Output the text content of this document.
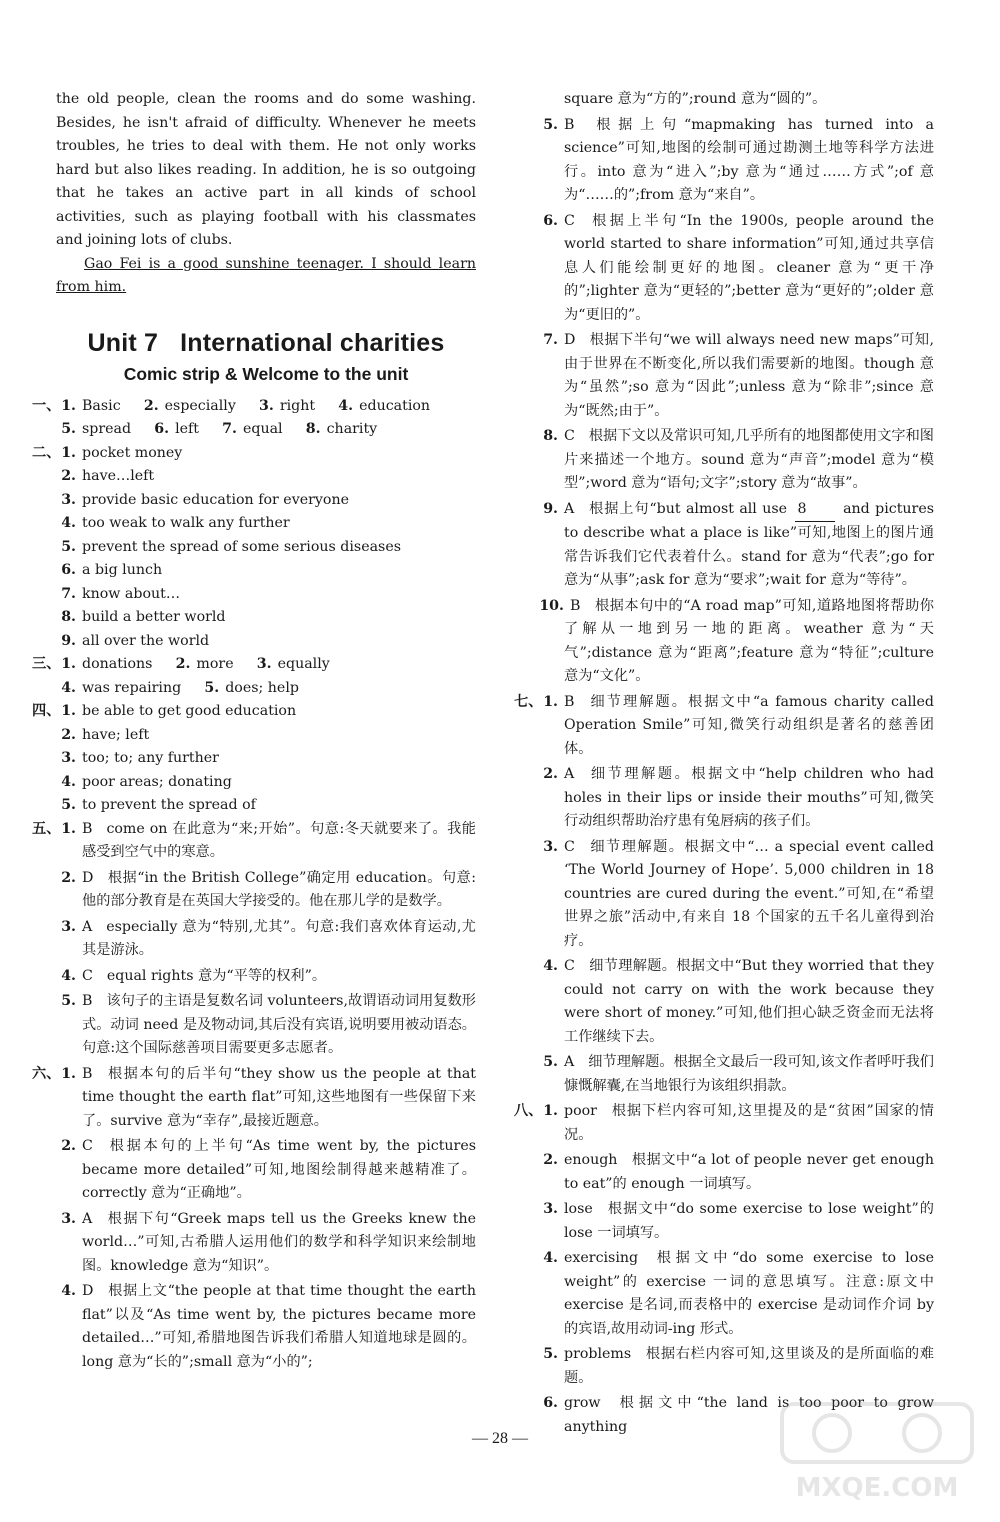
the old people, clean the rooms and do some washing. Besides, he isn't afraid of difficulty. Whenever he meets troubles, he tries to deal with them. He not only works hard but also likes reading. In addition, he is so outgoing that he takes an active part in all kinds of school activities, such as playing football with his classmates and joining lots of clubs.

Gao Fei is a good sunshine teenager. I should learn from him.

Unit 7 International charities
Comic strip & Welcome to the unit
一、 1. Basic 2. especially 3. right 4. education
5. spread 6. left 7. equal 8. charity
二、 1. pocket money
2. have…left
3. provide basic education for everyone
4. too weak to walk any further
5. prevent the spread of some serious diseases
6. a big lunch
7. know about…
8. build a better world
9. all over the world
三、 1. donations 2. more 3. equally
4. was repairing 5. does; help
四、 1. be able to get good education
2. have; left
3. too; to; any further
4. poor areas; donating
5. to prevent the spread of
五、 1. B come on 在此意为“来;开始”。句意:冬天就要来了。我能感受到空气中的寒意。
2. D 根据“in the British College”确定用 education。句意:他的部分教育是在英国大学接受的。他在那儿学的是数学。
3. A especially 意为“特别,尤其”。句意:我们喜欢体育运动,尤其是游泳。
4. C equal rights 意为“平等的权利”。
5. B 该句子的主语是复数名词 volunteers,故谓语动词用复数形式。动词 need 是及物动词,其后没有宾语,说明要用被动语态。句意:这个国际慈善项目需要更多志愿者。
六、 1. B 根据本句的后半句“they show us the people at that time thought the earth flat”可知,这些地图有一些保留下来了。survive 意为“幸存”,最接近题意。
2. C 根据本句的上半句“As time went by, the pictures became more detailed”可知,地图绘制得越来越精准了。correctly 意为“正确地”。
3. A 根据下句“Greek maps tell us the Greeks knew the world…”可知,古希腊人运用他们的数学和科学知识来绘制地图。knowledge 意为“知识”。
4. D 根据上文“the people at that time thought the earth flat”以及“As time went by, the pictures became more detailed…”可知,希腊地图告诉我们希腊人知道地球是圆的。long 意为“长的”;small 意为“小的”;
square 意为“方的”;round 意为“圆的”。
5. B 根据上句“mapmaking has turned into a science”可知,地图的绘制可通过勘测土地等科学方法进行。into 意为“进入”;by 意为“通过……方式”;of 意为“……的”;from 意为“来自”。
6. C 根据上半句“In the 1900s, people around the world started to share information”可知,通过共享信息人们能绘制更好的地图。cleaner 意为“更干净的”;lighter 意为“更轻的”;better 意为“更好的”;older 意为“更旧的”。
7. D 根据下半句“we will always need new maps”可知,由于世界在不断变化,所以我们需要新的地图。though 意为“虽然”;so 意为“因此”;unless 意为“除非”;since 意为“既然;由于”。
8. C 根据下文以及常识可知,几乎所有的地图都使用文字和图片来描述一个地方。sound 意为“声音”;model 意为“模型”;word 意为“语句;文字”;story 意为“故事”。
9. A 根据上句“but almost all use 8	and pictures to describe what a place is like”可知,地图上的图片通常告诉我们它代表着什么。stand for 意为“代表”;go for 意为“从事”;ask for 意为“要求”;wait for 意为“等待”。
10. B 根据本句中的“A road map”可知,道路地图将帮助你了解从一地到另一地的距离。weather 意为“天气”;distance 意为“距离”;feature 意为“特征”;culture 意为“文化”。
七、 1. B 细节理解题。根据文中“a famous charity called Operation Smile”可知,微笑行动组织是著名的慈善团体。
2. A 细节理解题。根据文中“help children who had holes in their lips or inside their mouths”可知,微笑行动组织帮助治疗患有兔唇病的孩子们。
3. C 细节理解题。根据文中“… a special event called ‘The World Journey of Hope’. 5,000 children in 18 countries are cured during the event.”可知,在“希望世界之旅”活动中,有来自 18 个国家的五千名儿童得到治疗。
4. C 细节理解题。根据文中“But they worried that they could not carry on with the work because they were short of money.”可知,他们担心缺乏资金而无法将工作继续下去。
5. A 细节理解题。根据全文最后一段可知,该文作者呼吁我们慷慨解囊,在当地银行为该组织捐款。
八、 1. poor 根据下栏内容可知,这里提及的是“贫困”国家的情况。
2. enough 根据文中“a lot of people never get enough to eat”的 enough 一词填写。
3. lose 根据文中“do some exercise to lose weight”的 lose 一词填写。
4. exercising 根据文中“do some exercise to lose weight”的 exercise 一词的意思填写。注意:原文中 exercise 是名词,而表格中的 exercise 是动词作介词 by 的宾语,故用动词-ing 形式。
5. problems 根据右栏内容可知,这里谈及的是所面临的难题。
6. grow 根据文中“the land is too poor to grow anything
— 28 —
MXQE.COM
